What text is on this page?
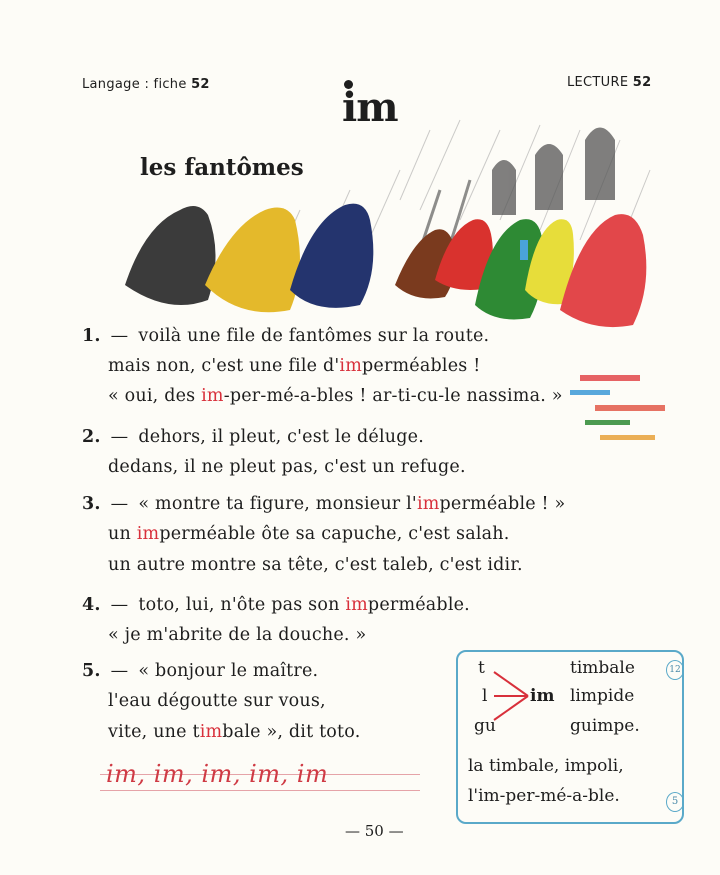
Langage : fiche 52	LECTURE 52
im
les fantômes
1. — voilà une file de fantômes sur la route.
mais non, c'est une file d'imperméables !
« oui, des im-per-mé-a-bles ! ar-ti-cu-le nassima. »
2. — dehors, il pleut, c'est le déluge.
dedans, il ne pleut pas, c'est un refuge.
3. — « montre ta figure, monsieur l'imperméable ! »
un imperméable ôte sa capuche, c'est salah.
un autre montre sa tête, c'est taleb, c'est idir.
4. — toto, lui, n'ôte pas son imperméable.
« je m'abrite de la douche. »
5. — « bonjour le maître.
l'eau dégoutte sur vous,
vite, une timbale », dit toto.
im, im, im, im, im
t
l
gu
im
timbale
limpide
guimpe.
la timbale, impoli,
l'im-per-mé-a-ble.
12
5
— 50 —
